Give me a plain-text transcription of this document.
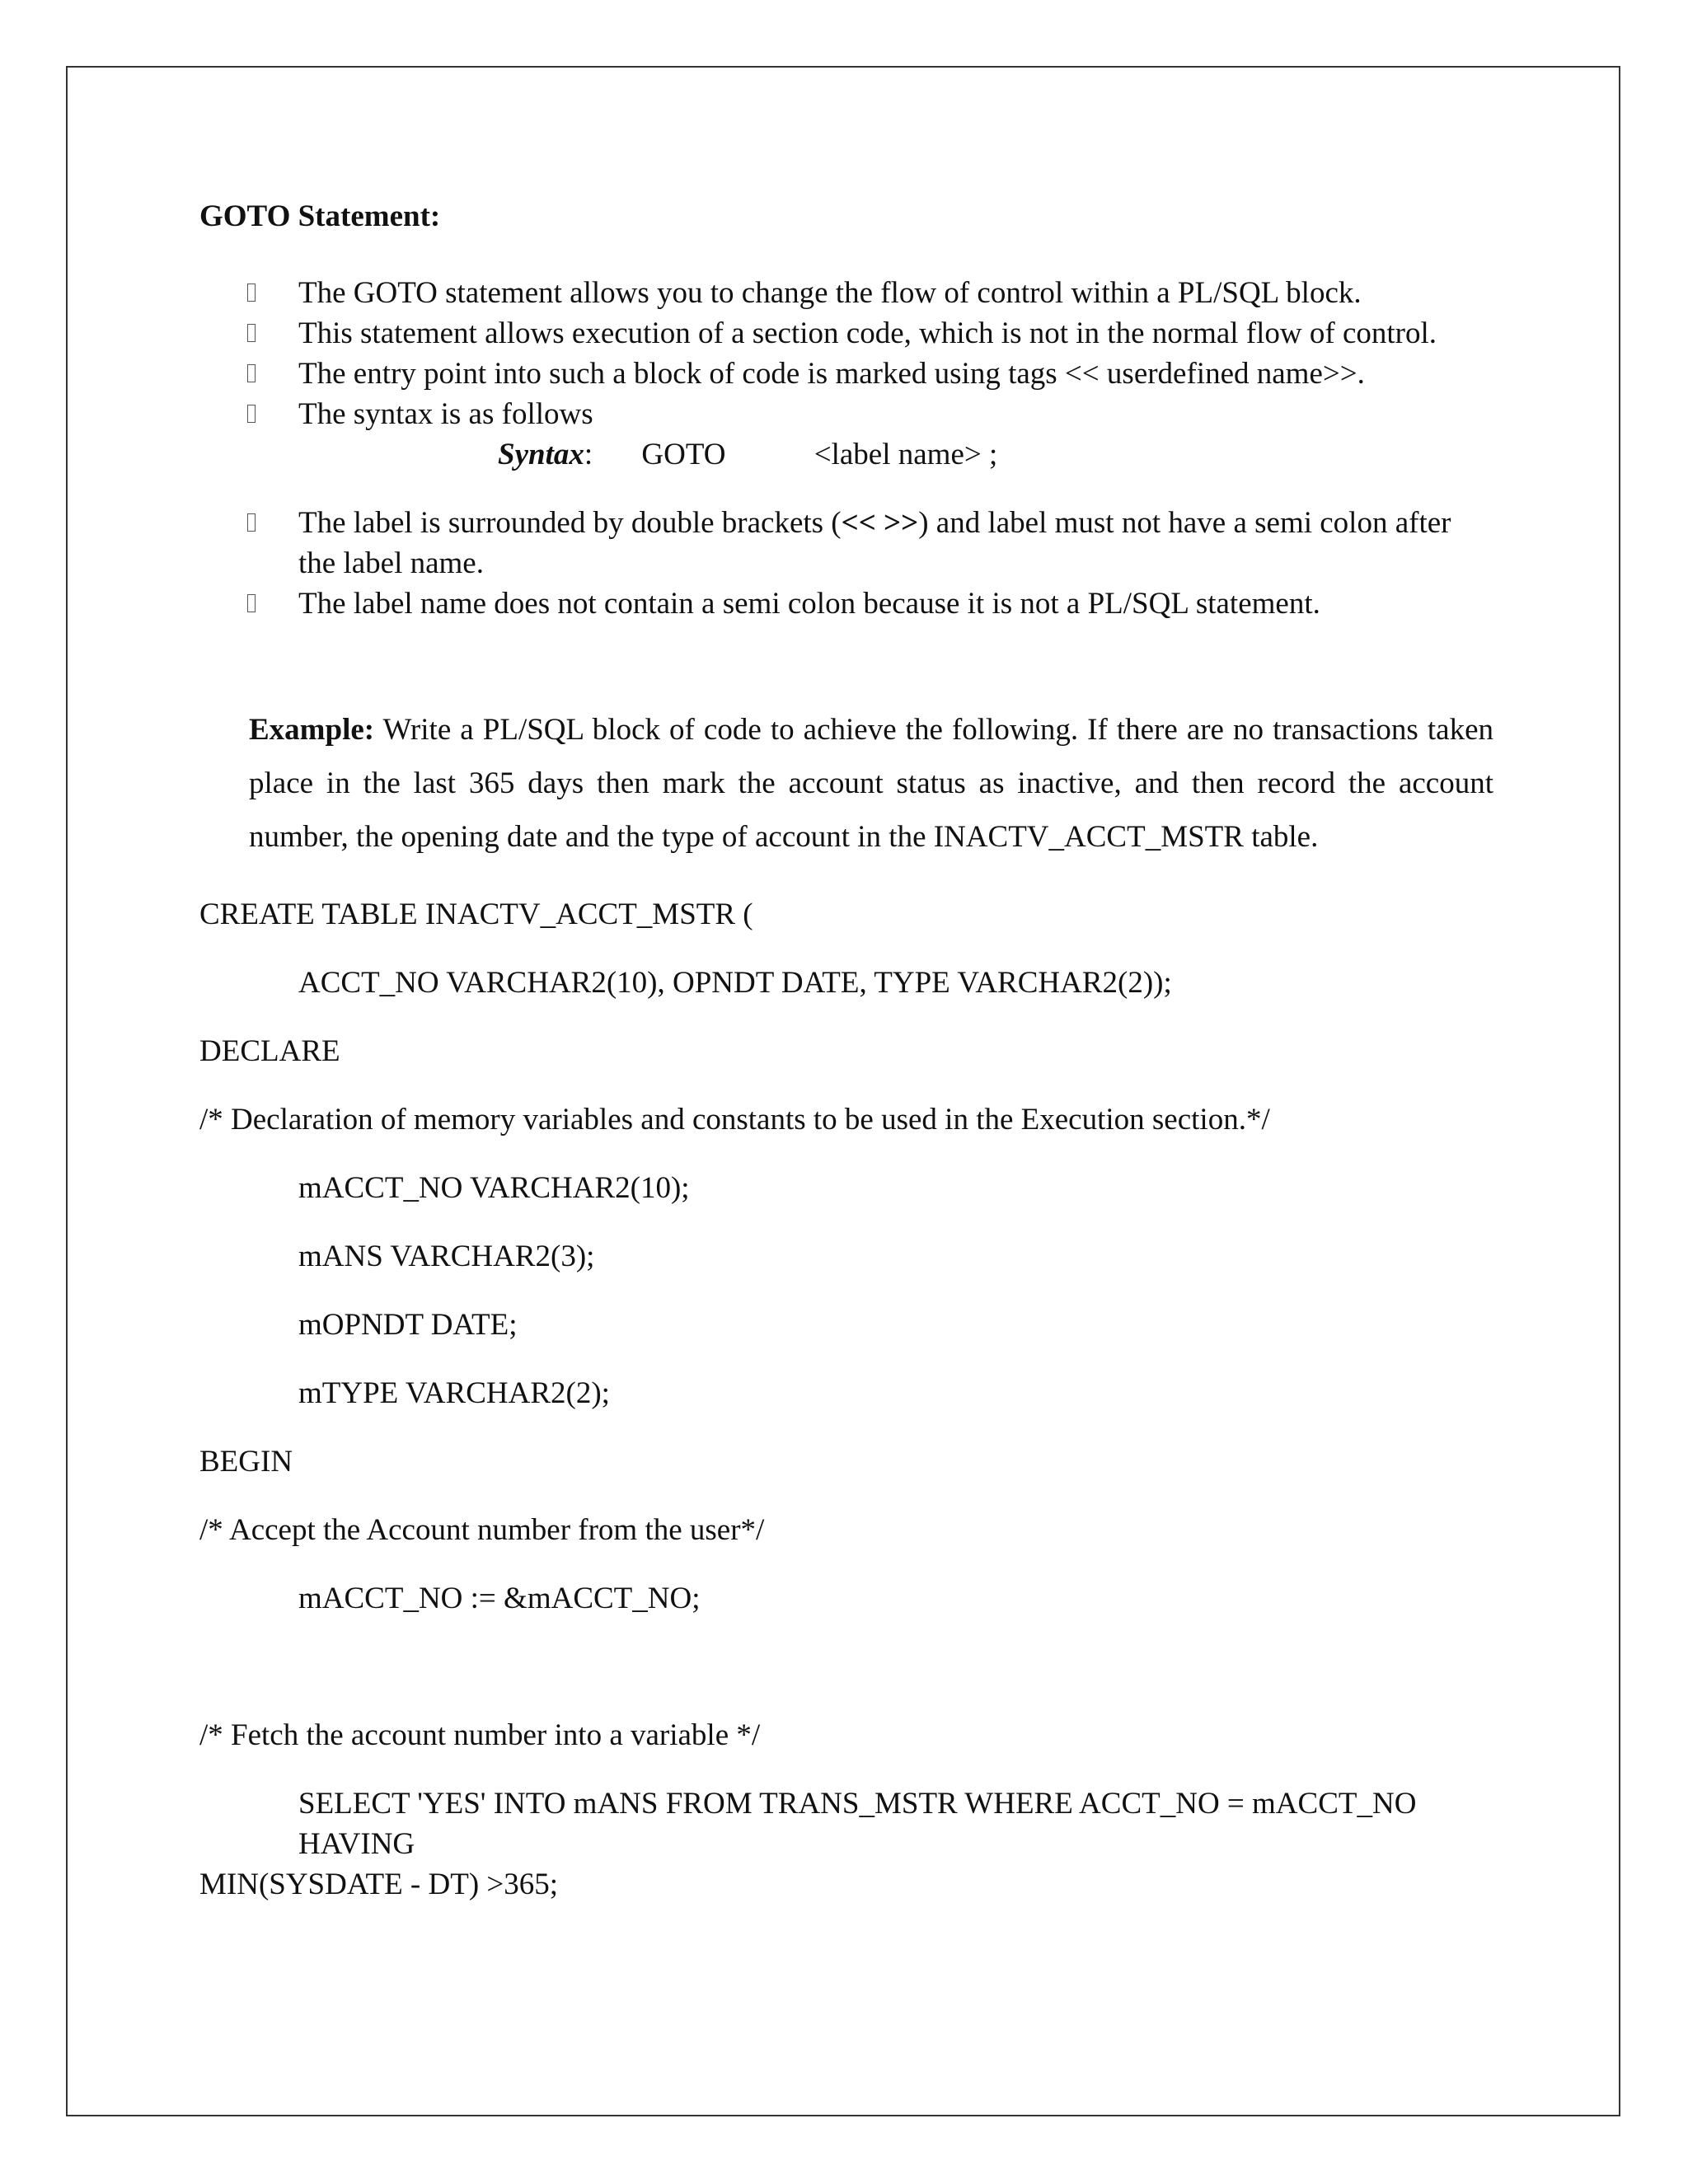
GOTO Statement:

The GOTO statement allows you to change the flow of control within a PL/SQL block.
This statement allows execution of a section code, which is not in the normal flow of control.
The entry point into such a block of code is marked using tags << userdefined name>>.
The syntax is as follows
Syntax: GOTO	<label name> ;
The label is surrounded by double brackets (<< >>) and label must not have a semi colon after the label name.
The label name does not contain a semi colon because it is not a PL/SQL statement.

Example: Write a PL/SQL block of code to achieve the following. If there are no transactions taken place in the last 365 days then mark the account status as inactive, and then record the account number, the opening date and the type of account in the INACTV_ACCT_MSTR table.

CREATE TABLE INACTV_ACCT_MSTR (

ACCT_NO VARCHAR2(10), OPNDT DATE, TYPE VARCHAR2(2));

DECLARE

/* Declaration of memory variables and constants to be used in the Execution section.*/

mACCT_NO VARCHAR2(10);

mANS VARCHAR2(3);

mOPNDT DATE;

mTYPE VARCHAR2(2);

BEGIN

/* Accept the Account number from the user*/

mACCT_NO := &mACCT_NO;

/* Fetch the account number into a variable */

SELECT 'YES' INTO mANS FROM TRANS_MSTR WHERE ACCT_NO = mACCT_NO HAVING

MIN(SYSDATE - DT) >365;
